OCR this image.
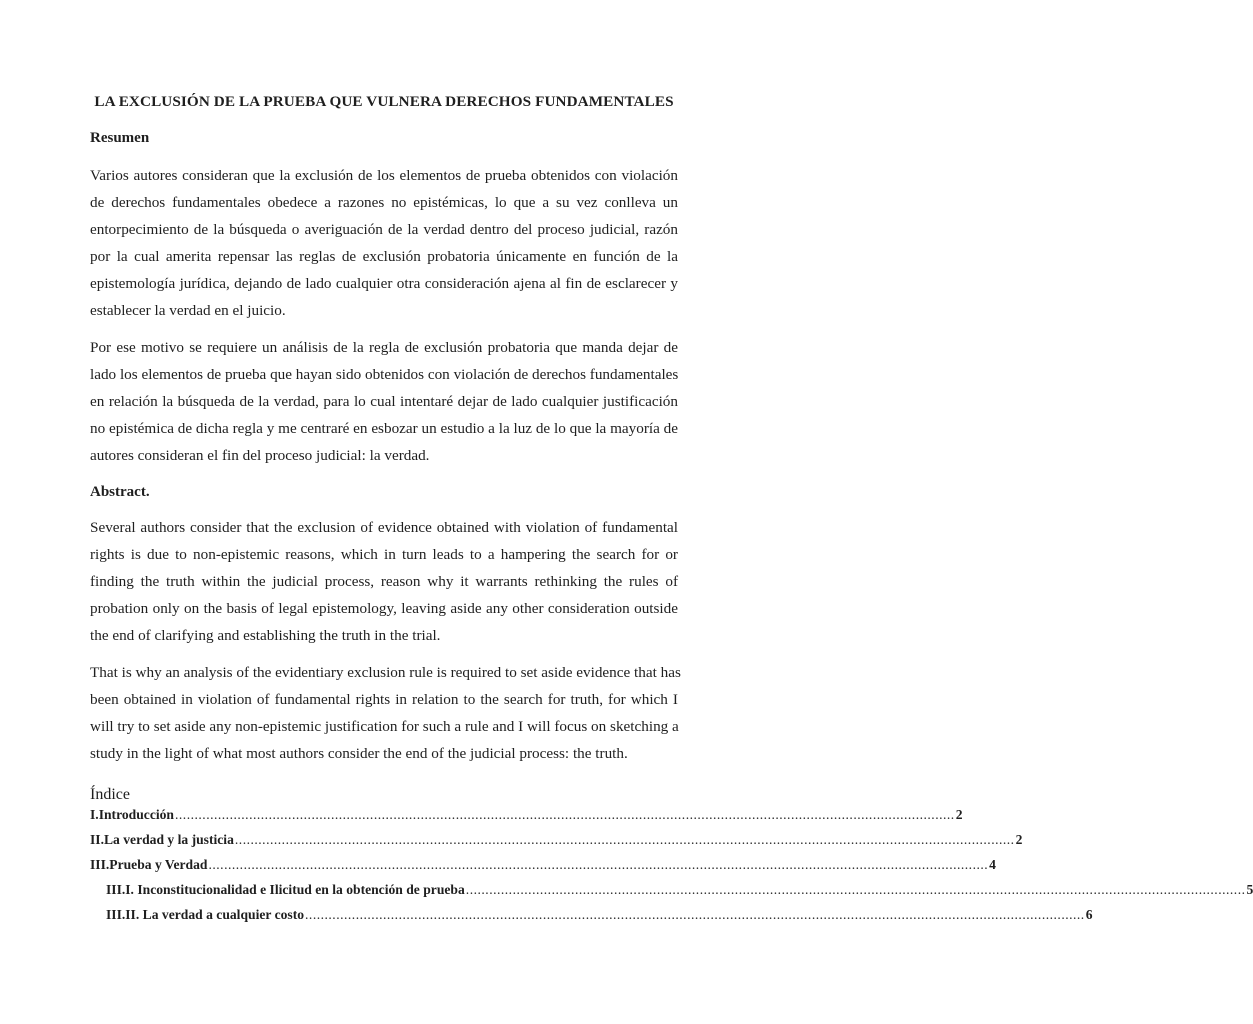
LA EXCLUSIÓN DE LA PRUEBA QUE VULNERA DERECHOS FUNDAMENTALES
Resumen
Varios autores consideran que la exclusión de los elementos de prueba obtenidos con violación
de derechos fundamentales obedece a razones no epistémicas, lo que a su vez conlleva un
entorpecimiento de la búsqueda o averiguación de la verdad dentro del proceso judicial, razón
por la cual amerita repensar las reglas de exclusión probatoria únicamente en función de la
epistemología jurídica, dejando de lado cualquier otra consideración ajena al fin de esclarecer y
establecer la verdad en el juicio.
Por ese motivo se requiere un análisis de la regla de exclusión probatoria que manda dejar de
lado los elementos de prueba que hayan sido obtenidos con violación de derechos fundamentales
en relación la búsqueda de la verdad, para lo cual intentaré dejar de lado cualquier justificación
no epistémica de dicha regla y me centraré en esbozar un estudio a la luz de lo que la mayoría de
autores consideran el fin del proceso judicial: la verdad.
Abstract.
Several authors consider that the exclusion of evidence obtained with violation of fundamental
rights is due to non-epistemic reasons, which in turn leads to a hampering the search for or
finding the truth within the judicial process, reason why it warrants rethinking the rules of
probation only on the basis of legal epistemology, leaving aside any other consideration outside
the end of clarifying and establishing the truth in the trial.
That is why an analysis of the evidentiary exclusion rule is required to set aside evidence that has
been obtained in violation of fundamental rights in relation to the search for truth, for which I
will try to set aside any non-epistemic justification for such a rule and I will focus on sketching a
study in the light of what most authors consider the end of the judicial process: the truth.
Índice
I. Introducción ........................................................................................................................................................................................................ 2
II. La verdad y la justicia ........................................................................................................................................................................................................ 2
III. Prueba y Verdad ........................................................................................................................................................................................................ 4
III.I. Inconstitucionalidad e Ilicitud en la obtención de prueba ........................................................................................................................................................................................................ 5
III.II. La verdad a cualquier costo ........................................................................................................................................................................................................ 6
